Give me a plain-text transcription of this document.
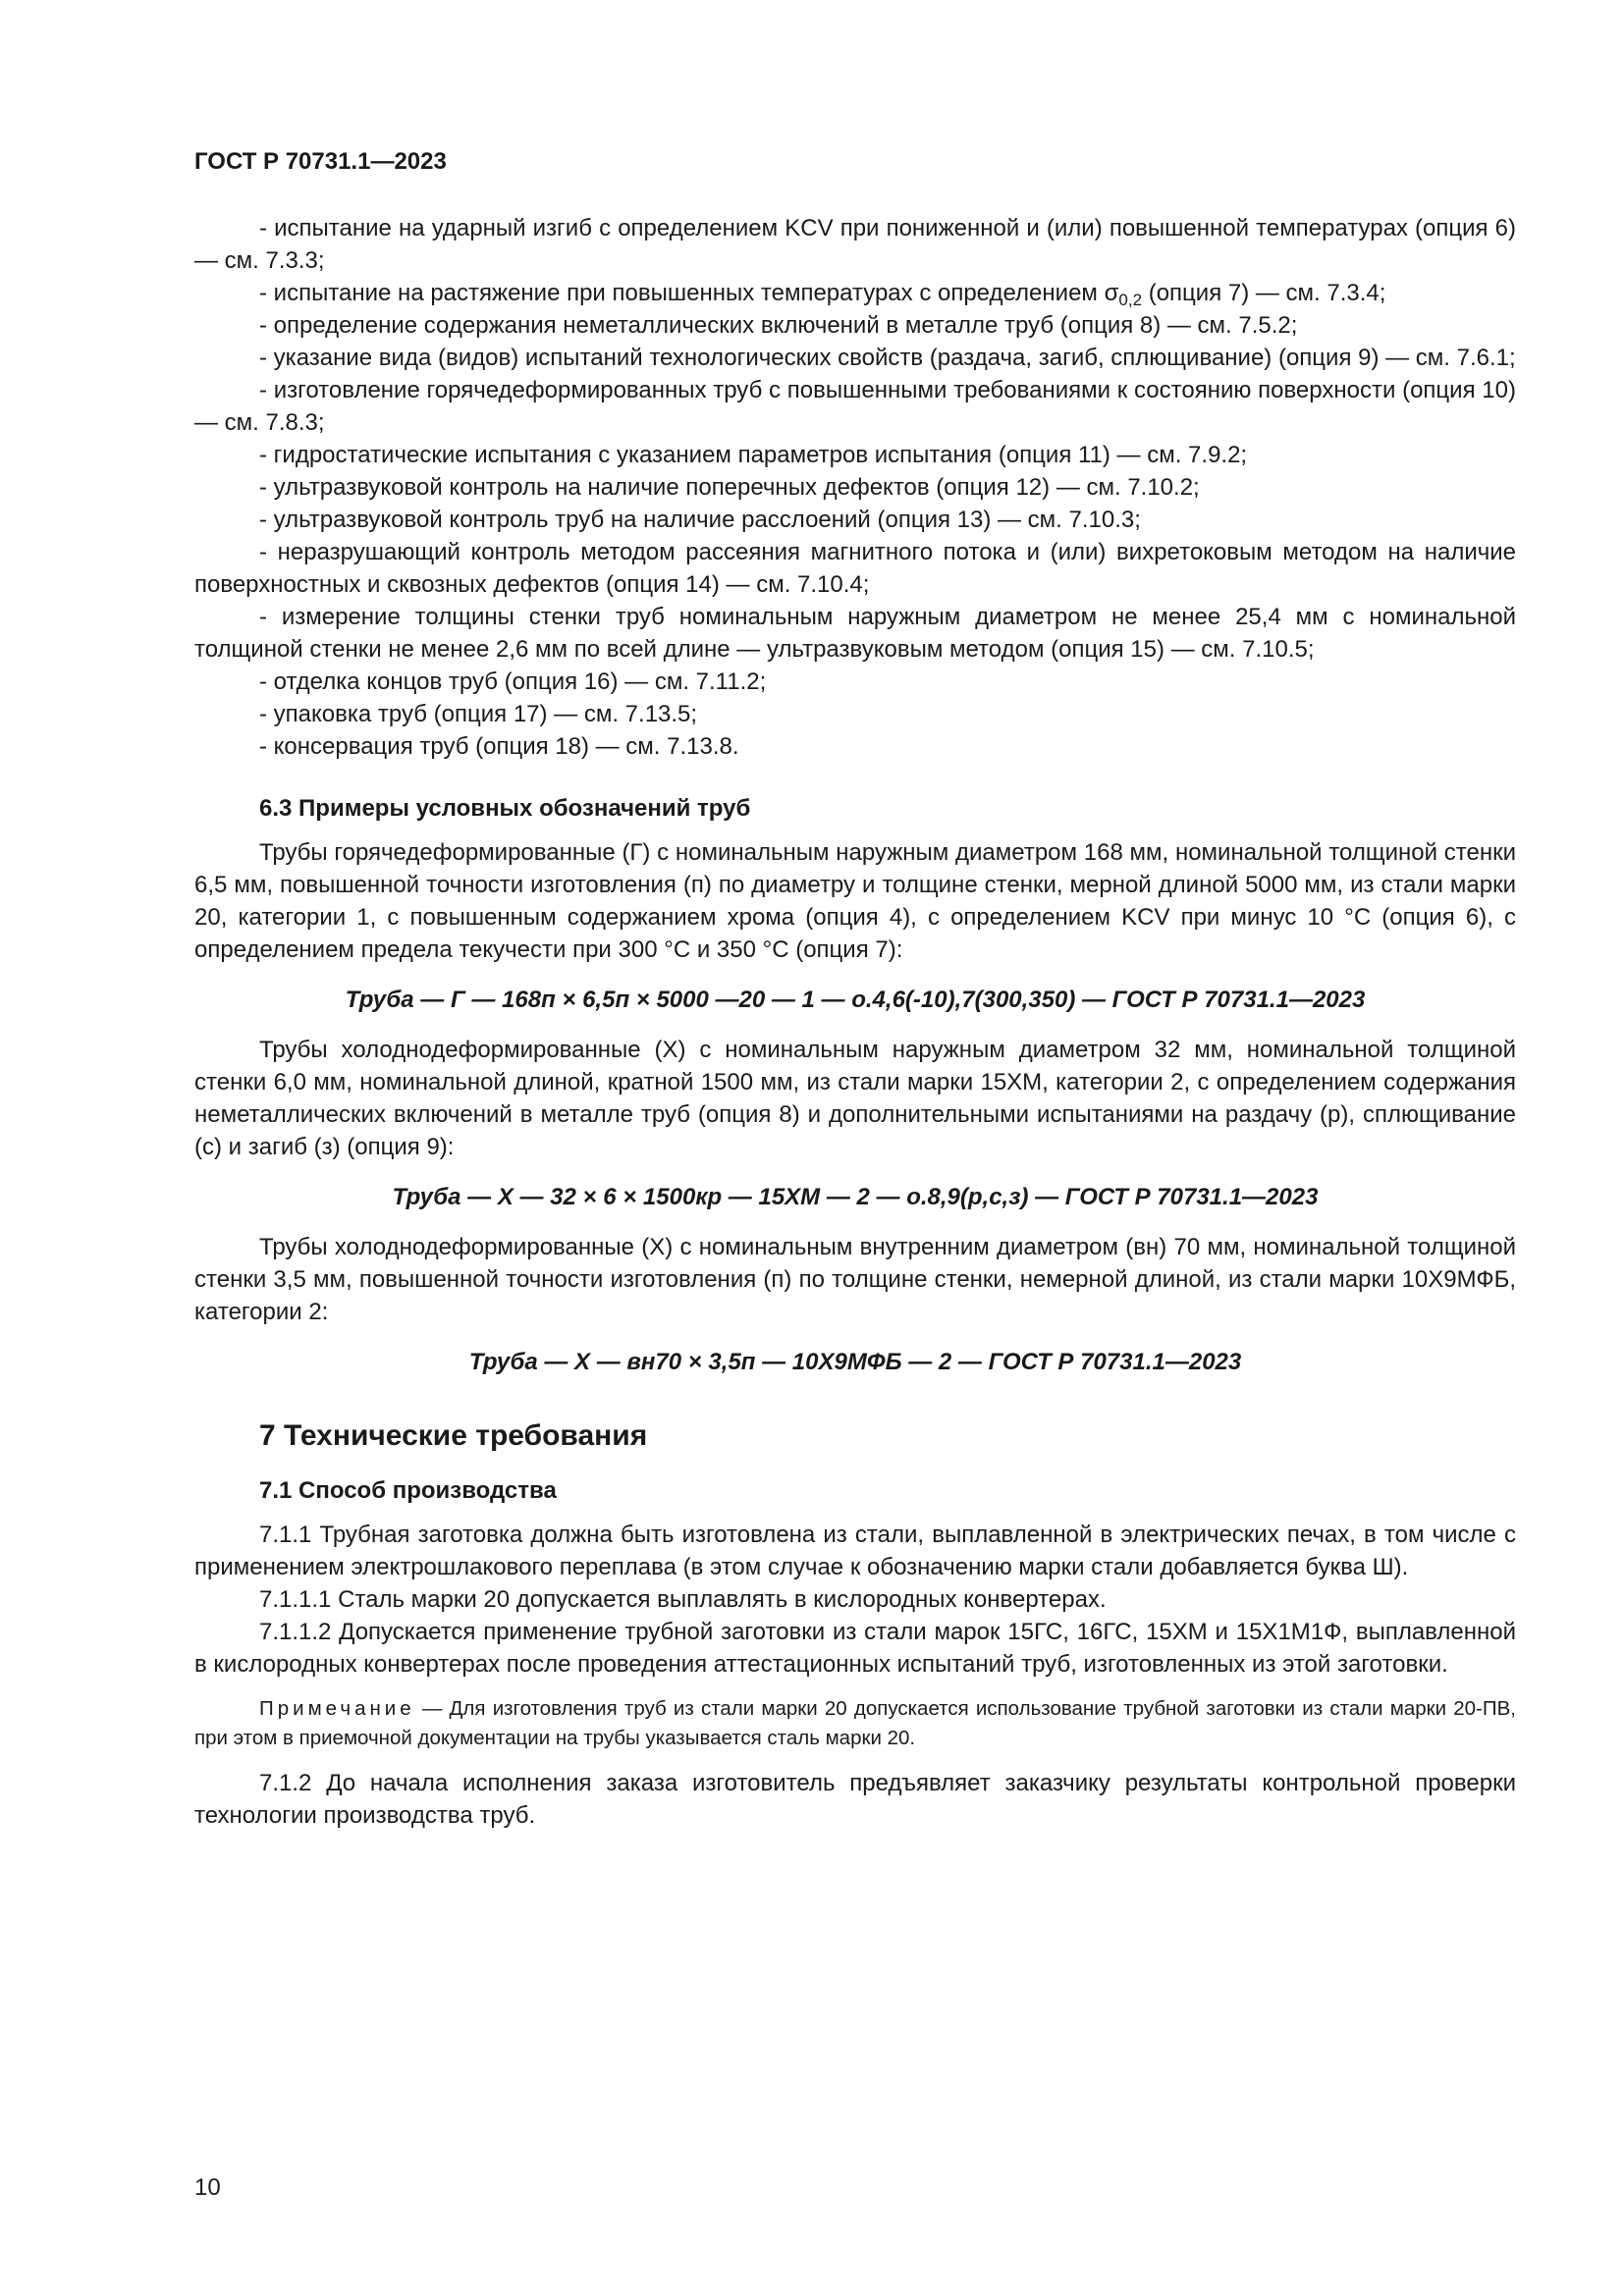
ГОСТ Р 70731.1—2023

- испытание на ударный изгиб с определением KCV при пониженной и (или) повышенной температурах (опция 6) — см. 7.3.3;

- испытание на растяжение при повышенных температурах с определением $\sigma_{0,2}$ (опция 7) — см. 7.3.4;

- определение содержания неметаллических включений в металле труб (опция 8) — см. 7.5.2;

- указание вида (видов) испытаний технологических свойств (раздача, загиб, сплющивание) (опция 9) — см. 7.6.1;

- изготовление горячедеформированных труб с повышенными требованиями к состоянию поверхности (опция 10) — см. 7.8.3;

- гидростатические испытания с указанием параметров испытания (опция 11) — см. 7.9.2;

- ультразвуковой контроль на наличие поперечных дефектов (опция 12) — см. 7.10.2;

- ультразвуковой контроль труб на наличие расслоений (опция 13) — см. 7.10.3;

- неразрушающий контроль методом рассеяния магнитного потока и (или) вихретоковым методом на наличие поверхностных и сквозных дефектов (опция 14) — см. 7.10.4;

- измерение толщины стенки труб номинальным наружным диаметром не менее 25,4 мм с номинальной толщиной стенки не менее 2,6 мм по всей длине — ультразвуковым методом (опция 15) — см. 7.10.5;

- отделка концов труб (опция 16) — см. 7.11.2;

- упаковка труб (опция 17) — см. 7.13.5;

- консервация труб (опция 18) — см. 7.13.8.

6.3 Примеры условных обозначений труб

Трубы горячедеформированные (Г) с номинальным наружным диаметром 168 мм, номинальной толщиной стенки 6,5 мм, повышенной точности изготовления (п) по диаметру и толщине стенки, мерной длиной 5000 мм, из стали марки 20, категории 1, с повышенным содержанием хрома (опция 4), с определением KCV при минус 10 °С (опция 6), с определением предела текучести при 300 °С и 350 °С (опция 7):

Труба — Г — 168п × 6,5п × 5000 —20 — 1 — о.4,6(-10),7(300,350) — ГОСТ Р 70731.1—2023

Трубы холоднодеформированные (Х) с номинальным наружным диаметром 32 мм, номинальной толщиной стенки 6,0 мм, номинальной длиной, кратной 1500 мм, из стали марки 15ХМ, категории 2, с определением содержания неметаллических включений в металле труб (опция 8) и дополнительными испытаниями на раздачу (р), сплющивание (с) и загиб (з) (опция 9):

Труба — Х — 32 × 6 × 1500кр — 15ХМ — 2 — о.8,9(р,с,з) — ГОСТ Р 70731.1—2023

Трубы холоднодеформированные (Х) с номинальным внутренним диаметром (вн) 70 мм, номинальной толщиной стенки 3,5 мм, повышенной точности изготовления (п) по толщине стенки, немерной длиной, из стали марки 10Х9МФБ, категории 2:

Труба — Х — вн70 × 3,5п — 10Х9МФБ — 2 — ГОСТ Р 70731.1—2023
7 Технические требования
7.1 Способ производства

7.1.1 Трубная заготовка должна быть изготовлена из стали, выплавленной в электрических печах, в том числе с применением электрошлакового переплава (в этом случае к обозначению марки стали добавляется буква Ш).

7.1.1.1 Сталь марки 20 допускается выплавлять в кислородных конвертерах.

7.1.1.2 Допускается применение трубной заготовки из стали марок 15ГС, 16ГС, 15ХМ и 15Х1М1Ф, выплавленной в кислородных конвертерах после проведения аттестационных испытаний труб, изготовленных из этой заготовки.

Примечание — Для изготовления труб из стали марки 20 допускается использование трубной заготовки из стали марки 20-ПВ, при этом в приемочной документации на трубы указывается сталь марки 20.

7.1.2 До начала исполнения заказа изготовитель предъявляет заказчику результаты контрольной проверки технологии производства труб.

10
